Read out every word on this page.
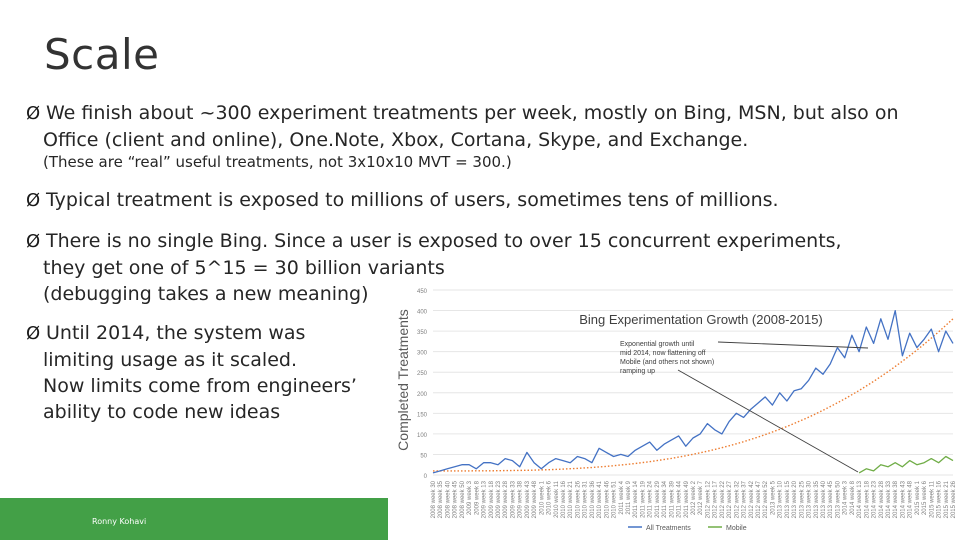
Scale
Ø We finish about ~300 experiment treatments per week, mostly on Bing, MSN, but also on
Office (client and online), One.Note, Xbox, Cortana, Skype, and Exchange.
(These are “real” useful treatments, not 3x10x10 MVT = 300.)
Ø Typical treatment is exposed to millions of users, sometimes tens of millions.
Ø There is no single Bing. Since a user is exposed to over 15 concurrent experiments,
they get one of 5^15 = 30 billion variants
(debugging takes a new meaning)
Ø Until 2014, the system was
limiting usage as it scaled.
Now limits come from engineers’
ability to code new ideas
Ronny Kohavi
Completed Treatments	Bing Experimentation Growth (2008-2015)
0
50
100
150
200
250
300
350
400
450
2008 week 30 2008 week 35 2008 week 40 2008 week 45 2008 week 50 2009 week 3 2009 week 8 2009 week 13 2009 week 18 2009 week 23 2009 week 28 2009 week 33 2009 week 38 2009 week 43 2009 week 48 2010 week 1 2010 week 6 2010 week 11 2010 week 16 2010 week 21 2010 week 26 2010 week 31 2010 week 36 2010 week 41 2010 week 46 2010 week 51 2011 week 4 2011 week 9 2011 week 14 2011 week 19 2011 week 24 2011 week 29 2011 week 34 2011 week 39 2011 week 44 2011 week 49 2012 week 2 2012 week 7 2012 week 12 2012 week 17 2012 week 22 2012 week 27 2012 week 32 2012 week 37 2012 week 42 2012 week 47 2012 week 52 2013 week 5 2013 week 10 2013 week 15 2013 week 20 2013 week 25 2013 week 30 2013 week 35 2013 week 40 2013 week 45 2013 week 50 2014 week 3 2014 week 8 2014 week 13 2014 week 18 2014 week 23 2014 week 28 2014 week 33 2014 week 38 2014 week 43 2014 week 48 2015 week 1 2015 week 6 2015 week 11 2015 week 16 2015 week 21 2015 week 26
Exponential growth until mid 2014, now flattening off Mobile (and others not shown) ramping up
All Treatments	Mobile
